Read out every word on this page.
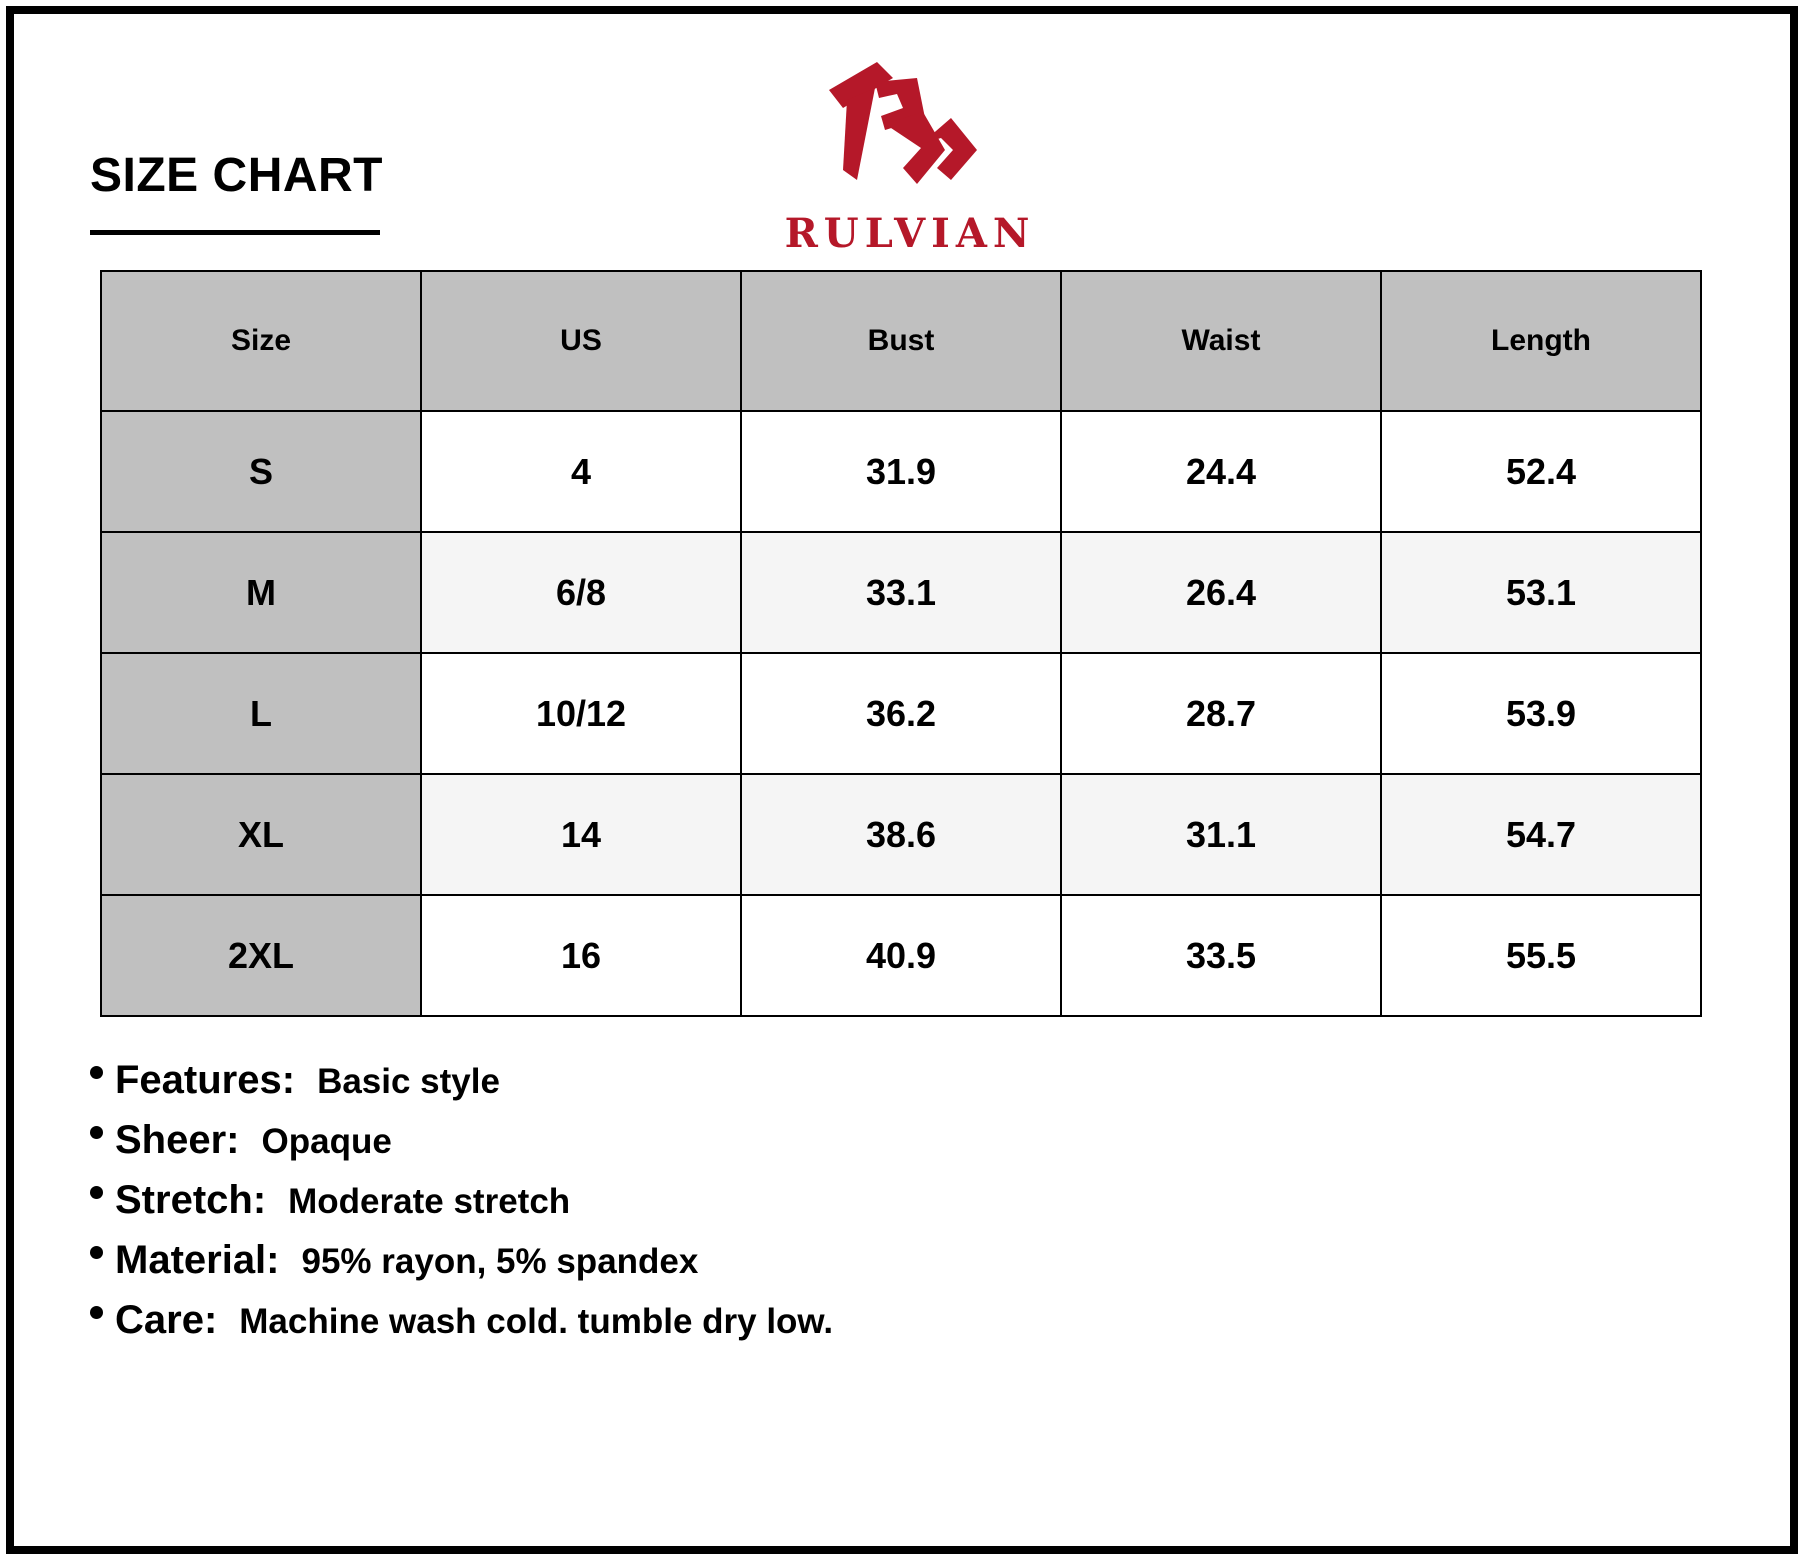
SIZE CHART
RULVIAN
Size	US	Bust	Waist	Length
S	4	31.9	24.4	52.4
M	6/8	33.1	26.4	53.1
L	10/12	36.2	28.7	53.9
XL	14	38.6	31.1	54.7
2XL	16	40.9	33.5	55.5
Features: Basic style
Sheer: Opaque
Stretch: Moderate stretch
Material: 95% rayon, 5% spandex
Care: Machine wash cold. tumble dry low.
